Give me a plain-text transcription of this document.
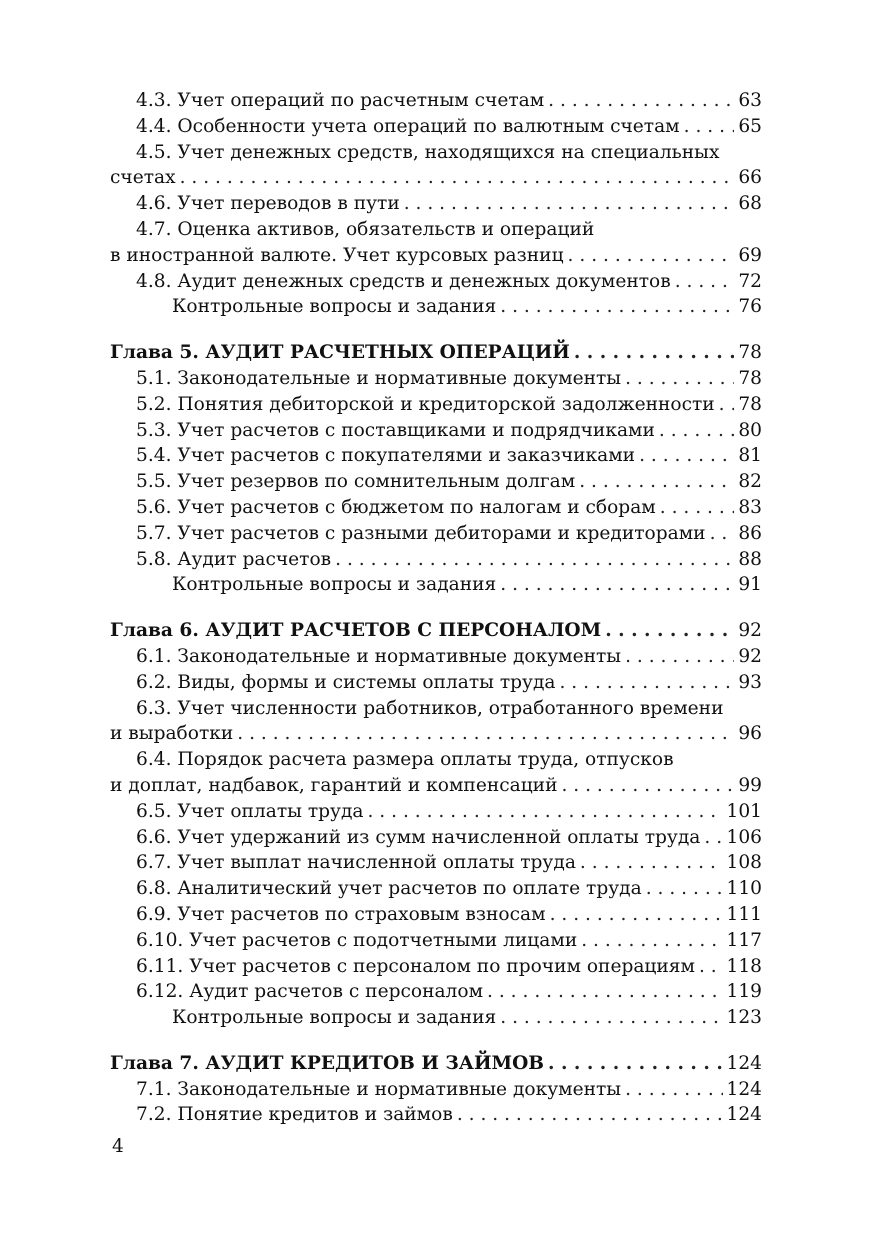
4.3. Учет операций по расчетным счетам . . .	63
4.4. Особенности учета операций по валютным счетам . . .	65
4.5. Учет денежных средств, находящихся на специальных
счетах . . .	66
4.6. Учет переводов в пути . . .	68
4.7. Оценка активов, обязательств и операций
в иностранной валюте. Учет курсовых разниц . . .	69
4.8. Аудит денежных средств и денежных документов . . .	72
Контрольные вопросы и задания . . .	76
Глава 5. АУДИТ РАСЧЕТНЫХ ОПЕРАЦИЙ . . .	78
5.1. Законодательные и нормативные документы . . .	78
5.2. Понятия дебиторской и кредиторской задолженности . . . 78
5.3. Учет расчетов с поставщиками и подрядчиками . . .	80
5.4. Учет расчетов с покупателями и заказчиками . . .	81
5.5. Учет резервов по сомнительным долгам . . .	82
5.6. Учет расчетов с бюджетом по налогам и сборам . . .	83
5.7. Учет расчетов с разными дебиторами и кредиторами . . . 86
5.8. Аудит расчетов . . .	88
Контрольные вопросы и задания . . .	91
Глава 6. АУДИТ РАСЧЕТОВ С ПЕРСОНАЛОМ . . .	92
6.1. Законодательные и нормативные документы . . .	92
6.2. Виды, формы и системы оплаты труда . . .	93
6.3. Учет численности работников, отработанного времени
и выработки . . .	96
6.4. Порядок расчета размера оплаты труда, отпусков
и доплат, надбавок, гарантий и компенсаций . . .	99
6.5. Учет оплаты труда . . .	101
6.6. Учет удержаний из сумм начисленной оплаты труда . . . 106
6.7. Учет выплат начисленной оплаты труда . . .	108
6.8. Аналитический учет расчетов по оплате труда . . .	110
6.9. Учет расчетов по страховым взносам . . .	111
6.10. Учет расчетов с подотчетными лицами . . .	117
6.11. Учет расчетов с персоналом по прочим операциям . . . 118
6.12. Аудит расчетов с персоналом . . .	119
Контрольные вопросы и задания . . .	123
Глава 7. АУДИТ КРЕДИТОВ И ЗАЙМОВ . . .	124
7.1. Законодательные и нормативные документы . . .	124
7.2. Понятие кредитов и займов . . .	124
4
